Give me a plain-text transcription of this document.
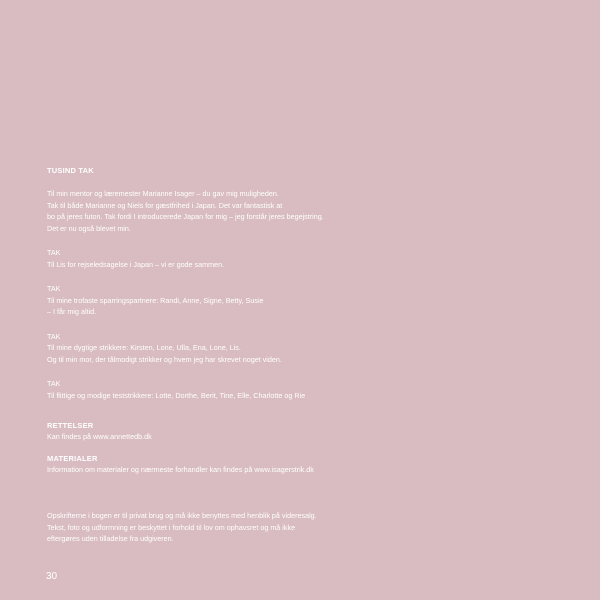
TUSIND TAK

Til min mentor og læremester Marianne Isager – du gav mig muligheden.

Tak til både Marianne og Niels for gæstfrihed i Japan. Det var fantastisk at

bo på jeres futon. Tak fordi I introducerede Japan for mig – jeg forstår jeres begejstring.

Det er nu også blevet min.

TAK

Til Lis for rejseledsagelse i Japan – vi er gode sammen.

TAK

Til mine trofaste sparringspartnere: Randi, Anne, Signe, Betty, Susie

– I får mig altid.

TAK

Til mine dygtige strikkere: Kirsten, Lone, Ulla, Ena, Lone, Lis.

Og til min mor, der tålmodigt strikker og hvem jeg har skrevet noget viden.

TAK

Til flittige og modige teststrikkere: Lotte, Dorthe, Berit, Tine, Elle, Charlotte og Rie

RETTELSER

Kan findes på www.annettedb.dk

MATERIALER

Information om materialer og nærmeste forhandler kan findes på www.isagerstrik.dk

Opskrifterne i bogen er til privat brug og må ikke benyttes med henblik på videresalg.

Tekst, foto og udformning er beskyttet i forhold til lov om ophavsret og må ikke

eftergøres uden tilladelse fra udgiveren.

30
